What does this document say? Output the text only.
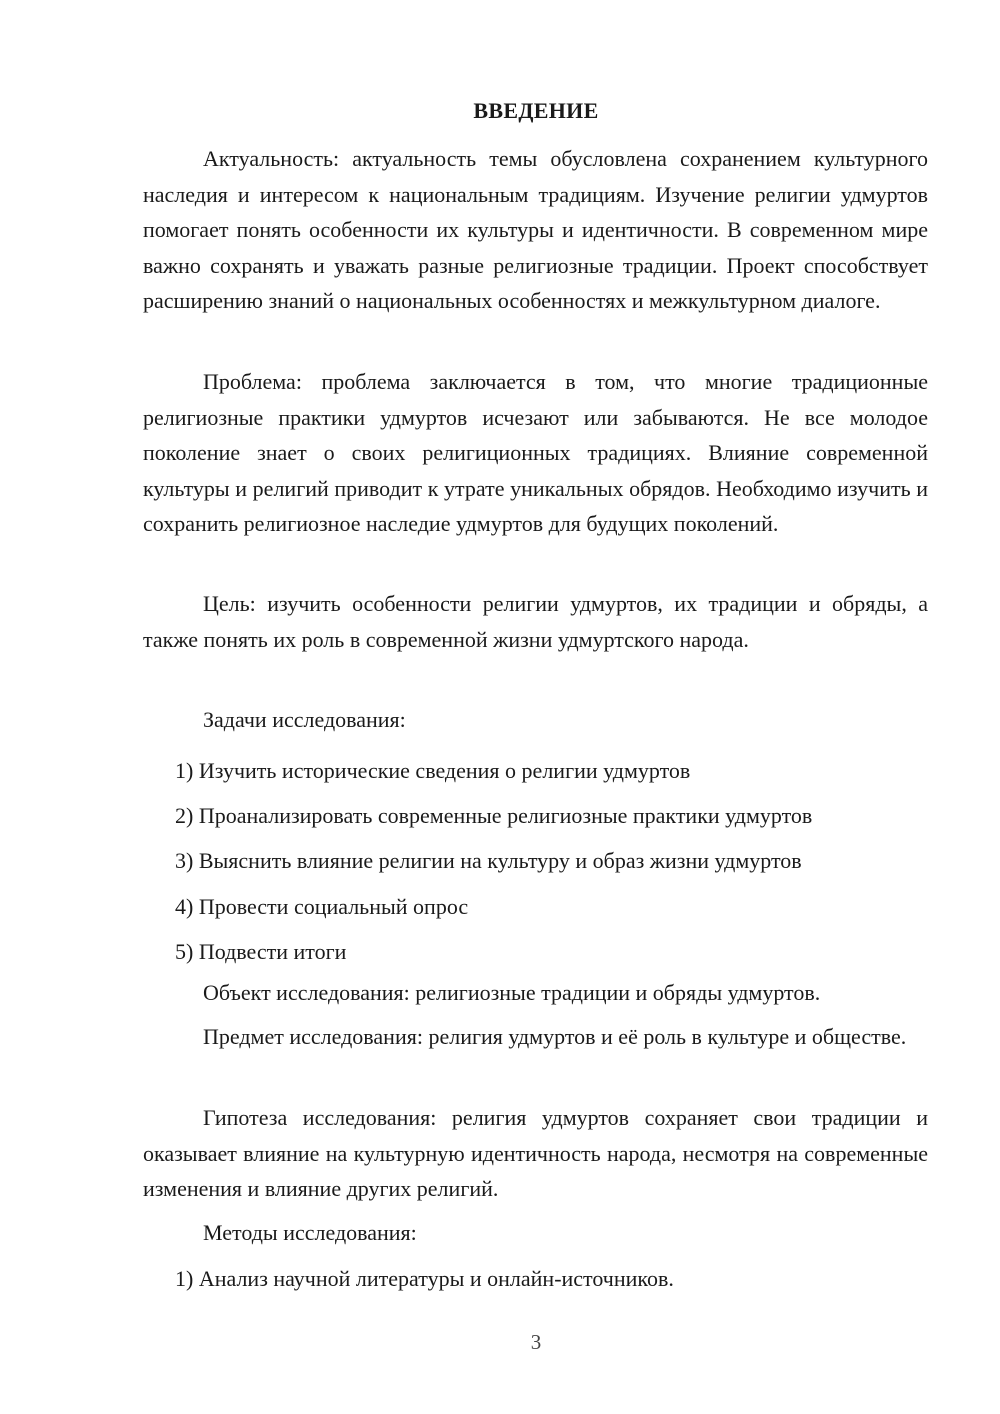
ВВЕДЕНИЕ

Актуальность: актуальность темы обусловлена сохранением культурного наследия и интересом к национальным традициям. Изучение религии удмуртов помогает понять особенности их культуры и идентичности. В современном мире важно сохранять и уважать разные религиозные традиции. Проект способствует расширению знаний о национальных особенностях и межкультурном диалоге.

Проблема: проблема заключается в том, что многие традиционные религиозные практики удмуртов исчезают или забываются. Не все молодое поколение знает о своих религиционных традициях. Влияние современной культуры и религий приводит к утрате уникальных обрядов. Необходимо изучить и сохранить религиозное наследие удмуртов для будущих поколений.

Цель: изучить особенности религии удмуртов, их традиции и обряды, а также понять их роль в современной жизни удмуртского народа.

Задачи исследования:

1) Изучить исторические сведения о религии удмуртов

2) Проанализировать современные религиозные практики удмуртов

3) Выяснить влияние религии на культуру и образ жизни удмуртов

4) Провести социальный опрос

5) Подвести итоги

Объект исследования: религиозные традиции и обряды удмуртов.

Предмет исследования: религия удмуртов и её роль в культуре и обществе.

Гипотеза исследования: религия удмуртов сохраняет свои традиции и оказывает влияние на культурную идентичность народа, несмотря на современные изменения и влияние других религий.

Методы исследования:

1) Анализ научной литературы и онлайн-источников.

3
